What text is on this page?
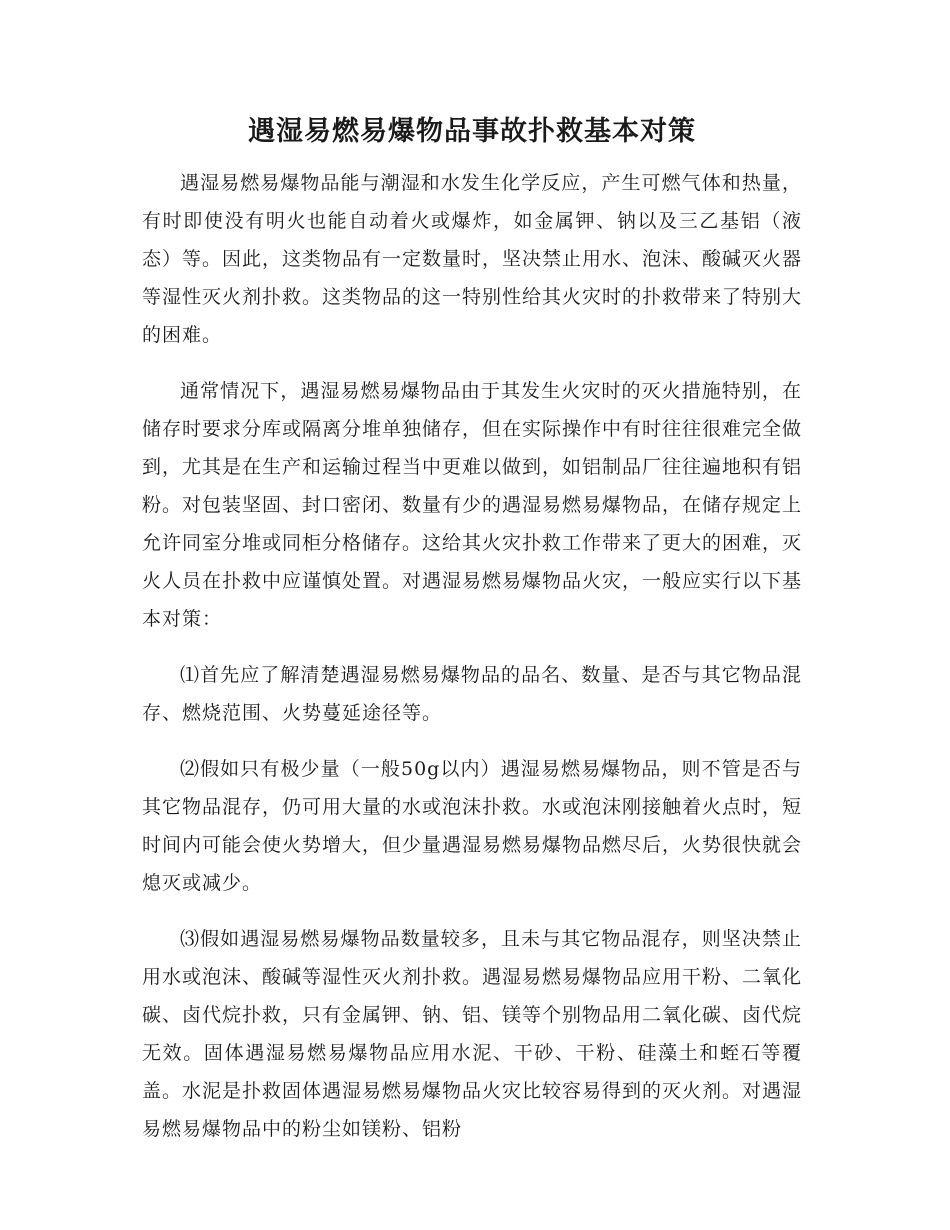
遇湿易燃易爆物品事故扑救基本对策

遇湿易燃易爆物品能与潮湿和水发生化学反应，产生可燃气体和热量，有时即使没有明火也能自动着火或爆炸，如金属钾、钠以及三乙基铝（液态）等。因此，这类物品有一定数量时，坚决禁止用水、泡沫、酸碱灭火器等湿性灭火剂扑救。这类物品的这一特别性给其火灾时的扑救带来了特别大的困难。

通常情况下，遇湿易燃易爆物品由于其发生火灾时的灭火措施特别，在储存时要求分库或隔离分堆单独储存，但在实际操作中有时往往很难完全做到，尤其是在生产和运输过程当中更难以做到，如铝制品厂往往遍地积有铝粉。对包装坚固、封口密闭、数量有少的遇湿易燃易爆物品，在储存规定上允许同室分堆或同柜分格储存。这给其火灾扑救工作带来了更大的困难，灭火人员在扑救中应谨慎处置。对遇湿易燃易爆物品火灾，一般应实行以下基本对策：

⑴首先应了解清楚遇湿易燃易爆物品的品名、数量、是否与其它物品混存、燃烧范围、火势蔓延途径等。

⑵假如只有极少量（一般50g以内）遇湿易燃易爆物品，则不管是否与其它物品混存，仍可用大量的水或泡沫扑救。水或泡沫刚接触着火点时，短时间内可能会使火势增大，但少量遇湿易燃易爆物品燃尽后，火势很快就会熄灭或减少。

⑶假如遇湿易燃易爆物品数量较多，且未与其它物品混存，则坚决禁止用水或泡沫、酸碱等湿性灭火剂扑救。遇湿易燃易爆物品应用干粉、二氧化碳、卤代烷扑救，只有金属钾、钠、铝、镁等个别物品用二氧化碳、卤代烷无效。固体遇湿易燃易爆物品应用水泥、干砂、干粉、硅藻土和蛭石等覆盖。水泥是扑救固体遇湿易燃易爆物品火灾比较容易得到的灭火剂。对遇湿易燃易爆物品中的粉尘如镁粉、铝粉
